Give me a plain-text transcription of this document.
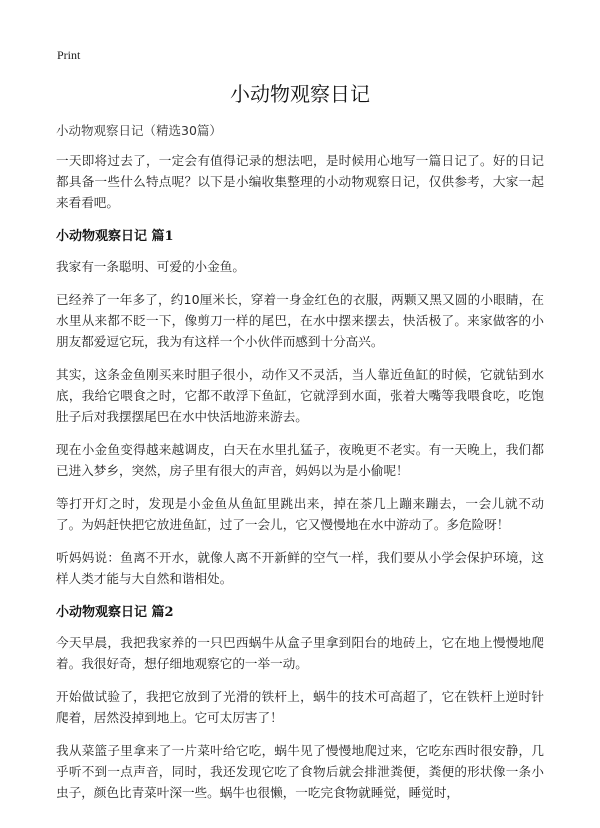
Print
小动物观察日记

小动物观察日记（精选30篇）

一天即将过去了，一定会有值得记录的想法吧，是时候用心地写一篇日记了。好的日记都具备一些什么特点呢？以下是小编收集整理的小动物观察日记，仅供参考，大家一起来看看吧。

小动物观察日记 篇1

我家有一条聪明、可爱的小金鱼。

已经养了一年多了，约10厘米长，穿着一身金红色的衣服，两颗又黑又圆的小眼睛，在水里从来都不眨一下，像剪刀一样的尾巴，在水中摆来摆去，快活极了。来家做客的小朋友都爱逗它玩，我为有这样一个小伙伴而感到十分高兴。

其实，这条金鱼刚买来时胆子很小，动作又不灵活，当人靠近鱼缸的时候，它就钻到水底，我给它喂食之时，它都不敢浮下鱼缸，它就浮到水面，张着大嘴等我喂食吃，吃饱肚子后对我摆摆尾巴在水中快活地游来游去。

现在小金鱼变得越来越调皮，白天在水里扎猛子，夜晚更不老实。有一天晚上，我们都已进入梦乡，突然，房子里有很大的声音，妈妈以为是小偷呢！

等打开灯之时，发现是小金鱼从鱼缸里跳出来，掉在茶几上蹦来蹦去，一会儿就不动了。为妈赶快把它放进鱼缸，过了一会儿，它又慢慢地在水中游动了。多危险呀！

听妈妈说：鱼离不开水，就像人离不开新鲜的空气一样，我们要从小学会保护环境，这样人类才能与大自然和谐相处。

小动物观察日记 篇2

今天早晨，我把我家养的一只巴西蜗牛从盒子里拿到阳台的地砖上，它在地上慢慢地爬着。我很好奇，想仔细地观察它的一举一动。

开始做试验了，我把它放到了光滑的铁杆上，蜗牛的技术可高超了，它在铁杆上逆时针爬着，居然没掉到地上。它可太厉害了！

我从菜篮子里拿来了一片菜叶给它吃，蜗牛见了慢慢地爬过来，它吃东西时很安静，几乎听不到一点声音，同时，我还发现它吃了食物后就会排泄粪便，粪便的形状像一条小虫子，颜色比青菜叶深一些。蜗牛也很懒，一吃完食物就睡觉，睡觉时，
